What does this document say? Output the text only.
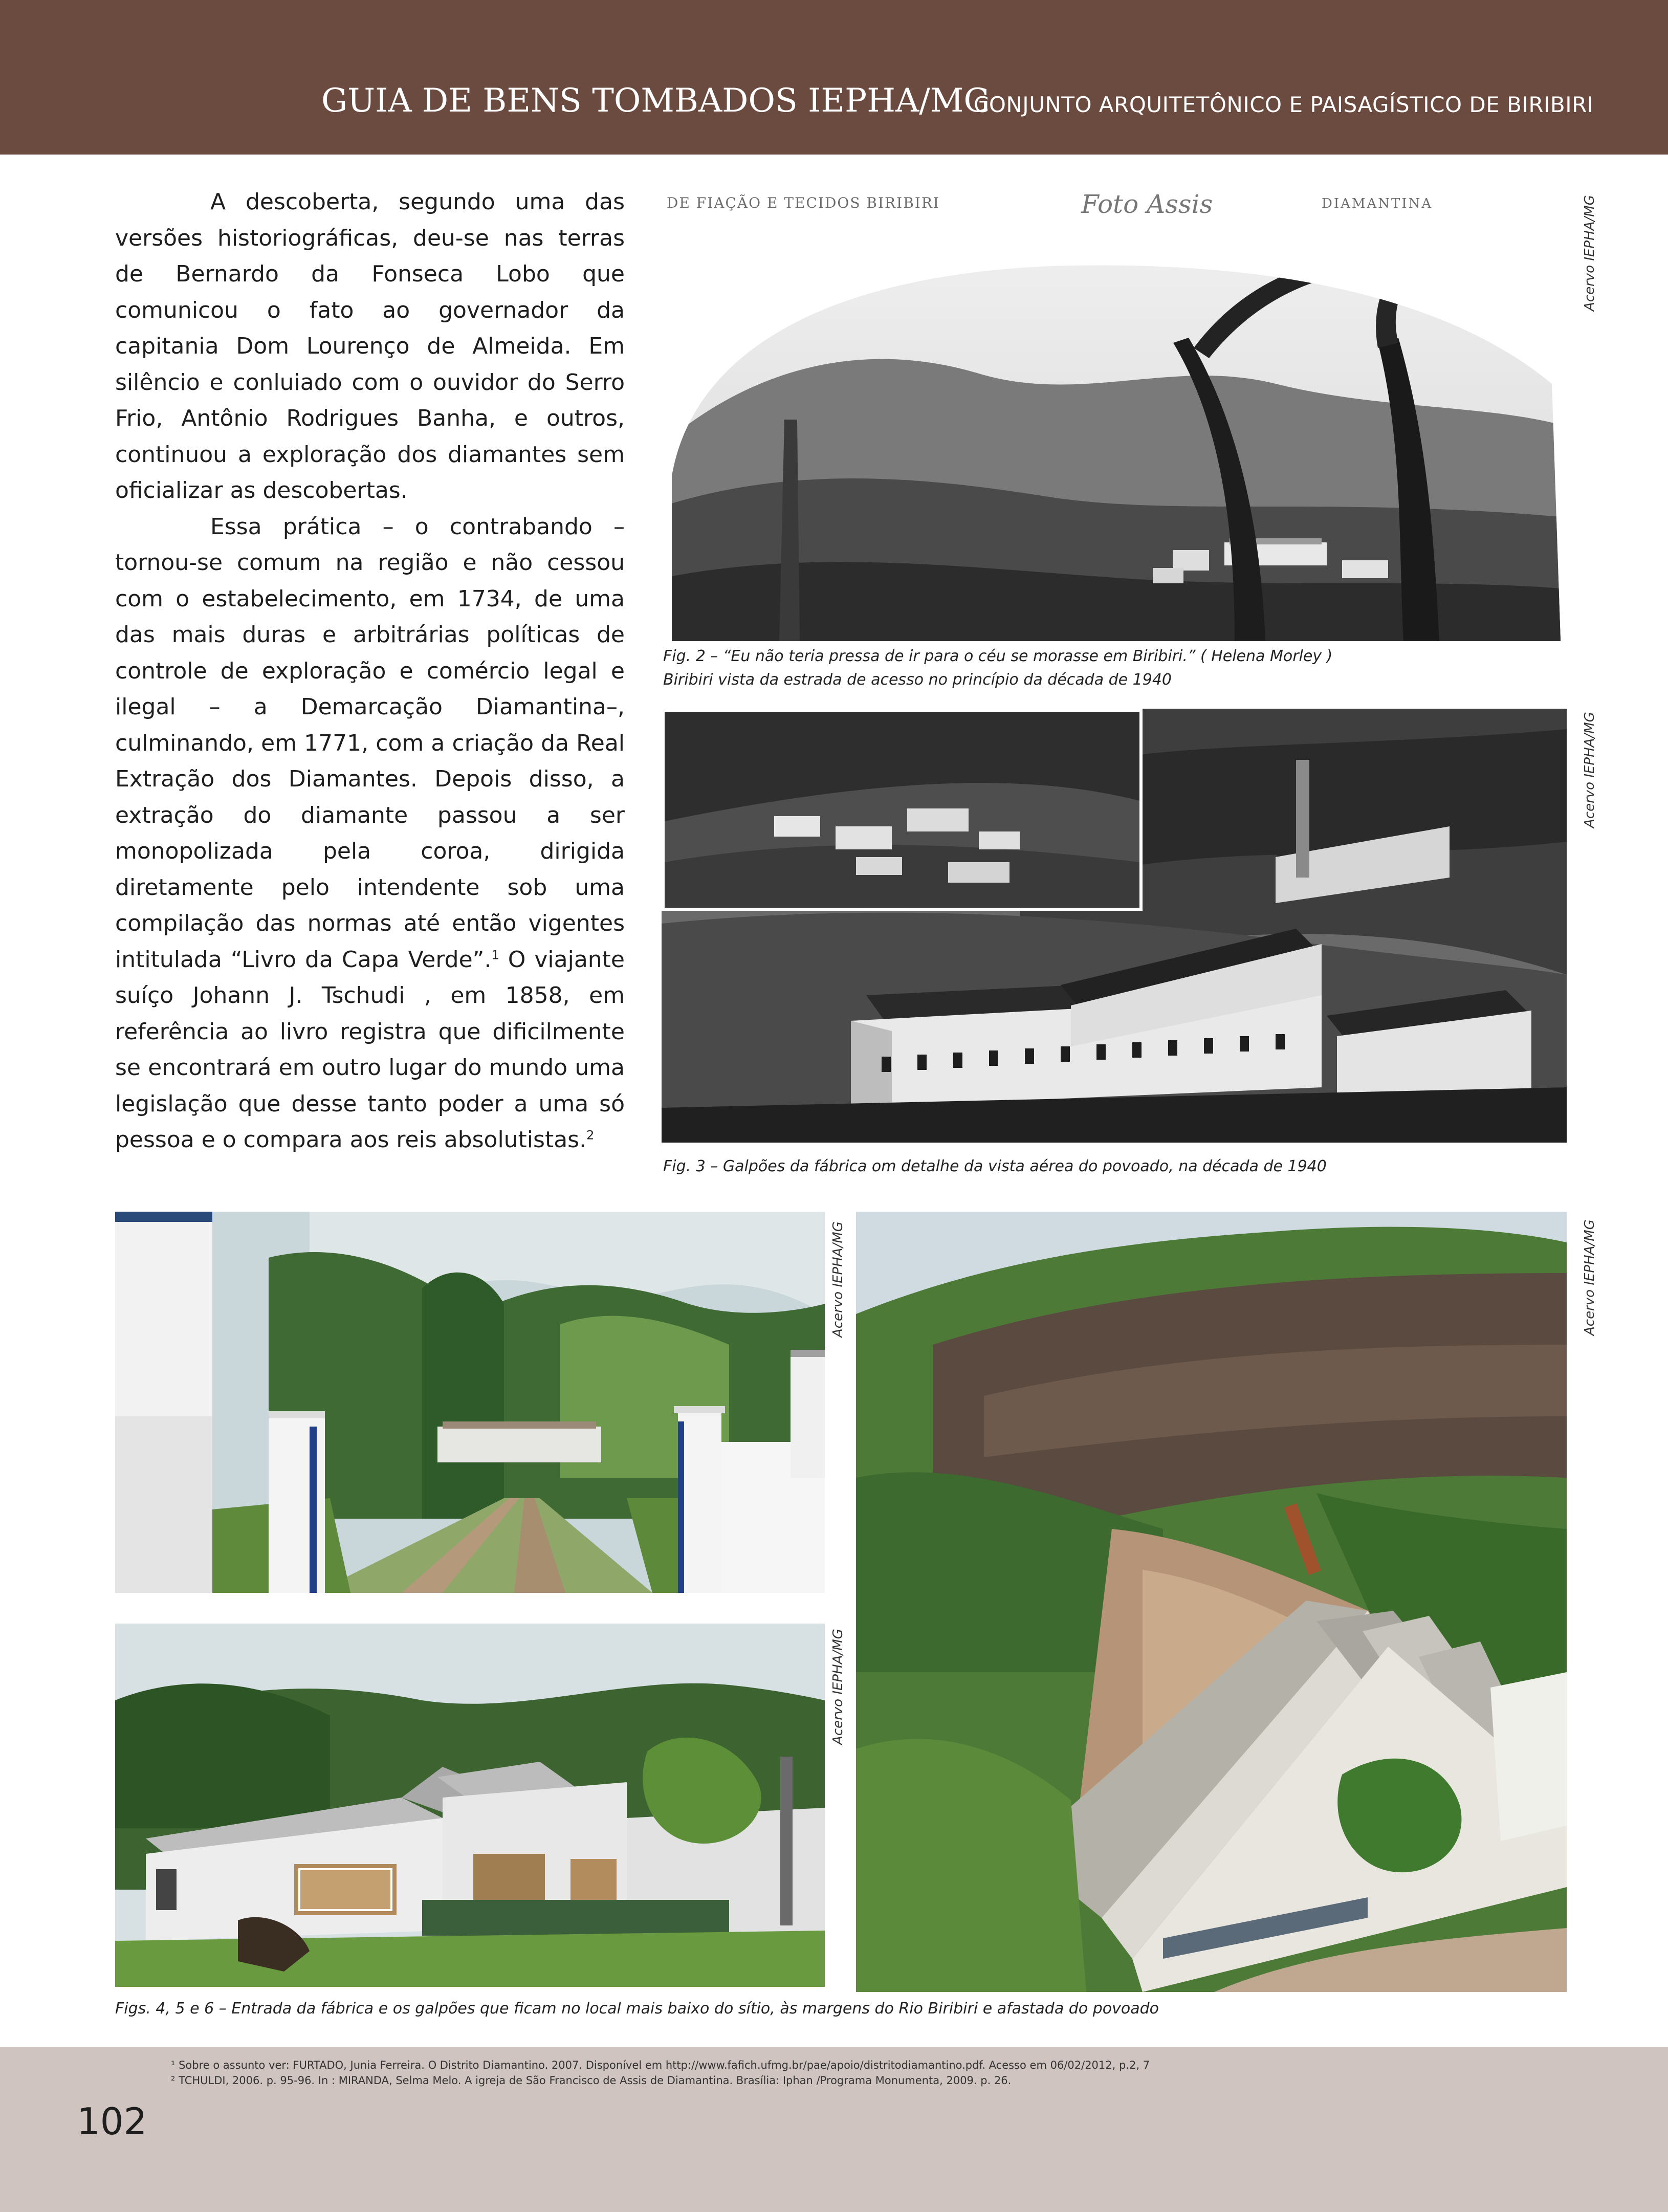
GUIA DE BENS TOMBADOS IEPHA/MG
CONJUNTO ARQUITETÔNICO E PAISAGÍSTICO DE BIRIBIRI

A descoberta, segundo uma das versões historiográficas, deu-se nas terras de Bernardo da Fonseca Lobo que comunicou o fato ao governador da capitania Dom Lourenço de Almeida. Em silêncio e conluiado com o ouvidor do Serro Frio, Antônio Rodrigues Banha, e outros, continuou a exploração dos diamantes sem oficializar as descobertas.

Essa prática – o contrabando – tornou-se comum na região e não cessou com o estabelecimento, em 1734, de uma das mais duras e arbitrárias políticas de controle de exploração e comércio legal e ilegal – a Demarcação Diamantina–, culminando, em 1771, com a criação da Real Extração dos Diamantes. Depois disso, a extração do diamante passou a ser monopolizada pela coroa, dirigida diretamente pelo intendente sob uma compilação das normas até então vigentes intitulada “Livro da Capa Verde”.$^1$ O viajante suíço Johann J. Tschudi , em 1858, em referência ao livro registra que dificilmente se encontrará em outro lugar do mundo uma legislação que desse tanto poder a uma só pessoa e o compara aos reis absolutistas.$^2$

DE FIAÇÃO E TECIDOS BIRIBIRI	Foto Assis	DIAMANTINA	Acervo IEPHA/MG
Fig. 2 – “Eu não teria pressa de ir para o céu se morasse em Biribiri.” ( Helena Morley )
Biribiri vista da estrada de acesso no princípio da década de 1940
Acervo IEPHA/MG
Fig. 3 – Galpões da fábrica om detalhe da vista aérea do povoado, na década de 1940
Acervo IEPHA/MG
Acervo IEPHA/MG
Acervo IEPHA/MG
Figs. 4, 5 e 6 – Entrada da fábrica e os galpões que ficam no local mais baixo do sítio, às margens do Rio Biribiri e afastada do povoado
¹ Sobre o assunto ver: FURTADO, Junia Ferreira. O Distrito Diamantino. 2007. Disponível em http://www.fafich.ufmg.br/pae/apoio/distritodiamantino.pdf. Acesso em 06/02/2012, p.2, 7
² TCHULDI, 2006. p. 95-96. In : MIRANDA, Selma Melo. A igreja de São Francisco de Assis de Diamantina. Brasília: Iphan /Programa Monumenta, 2009. p. 26.
102
